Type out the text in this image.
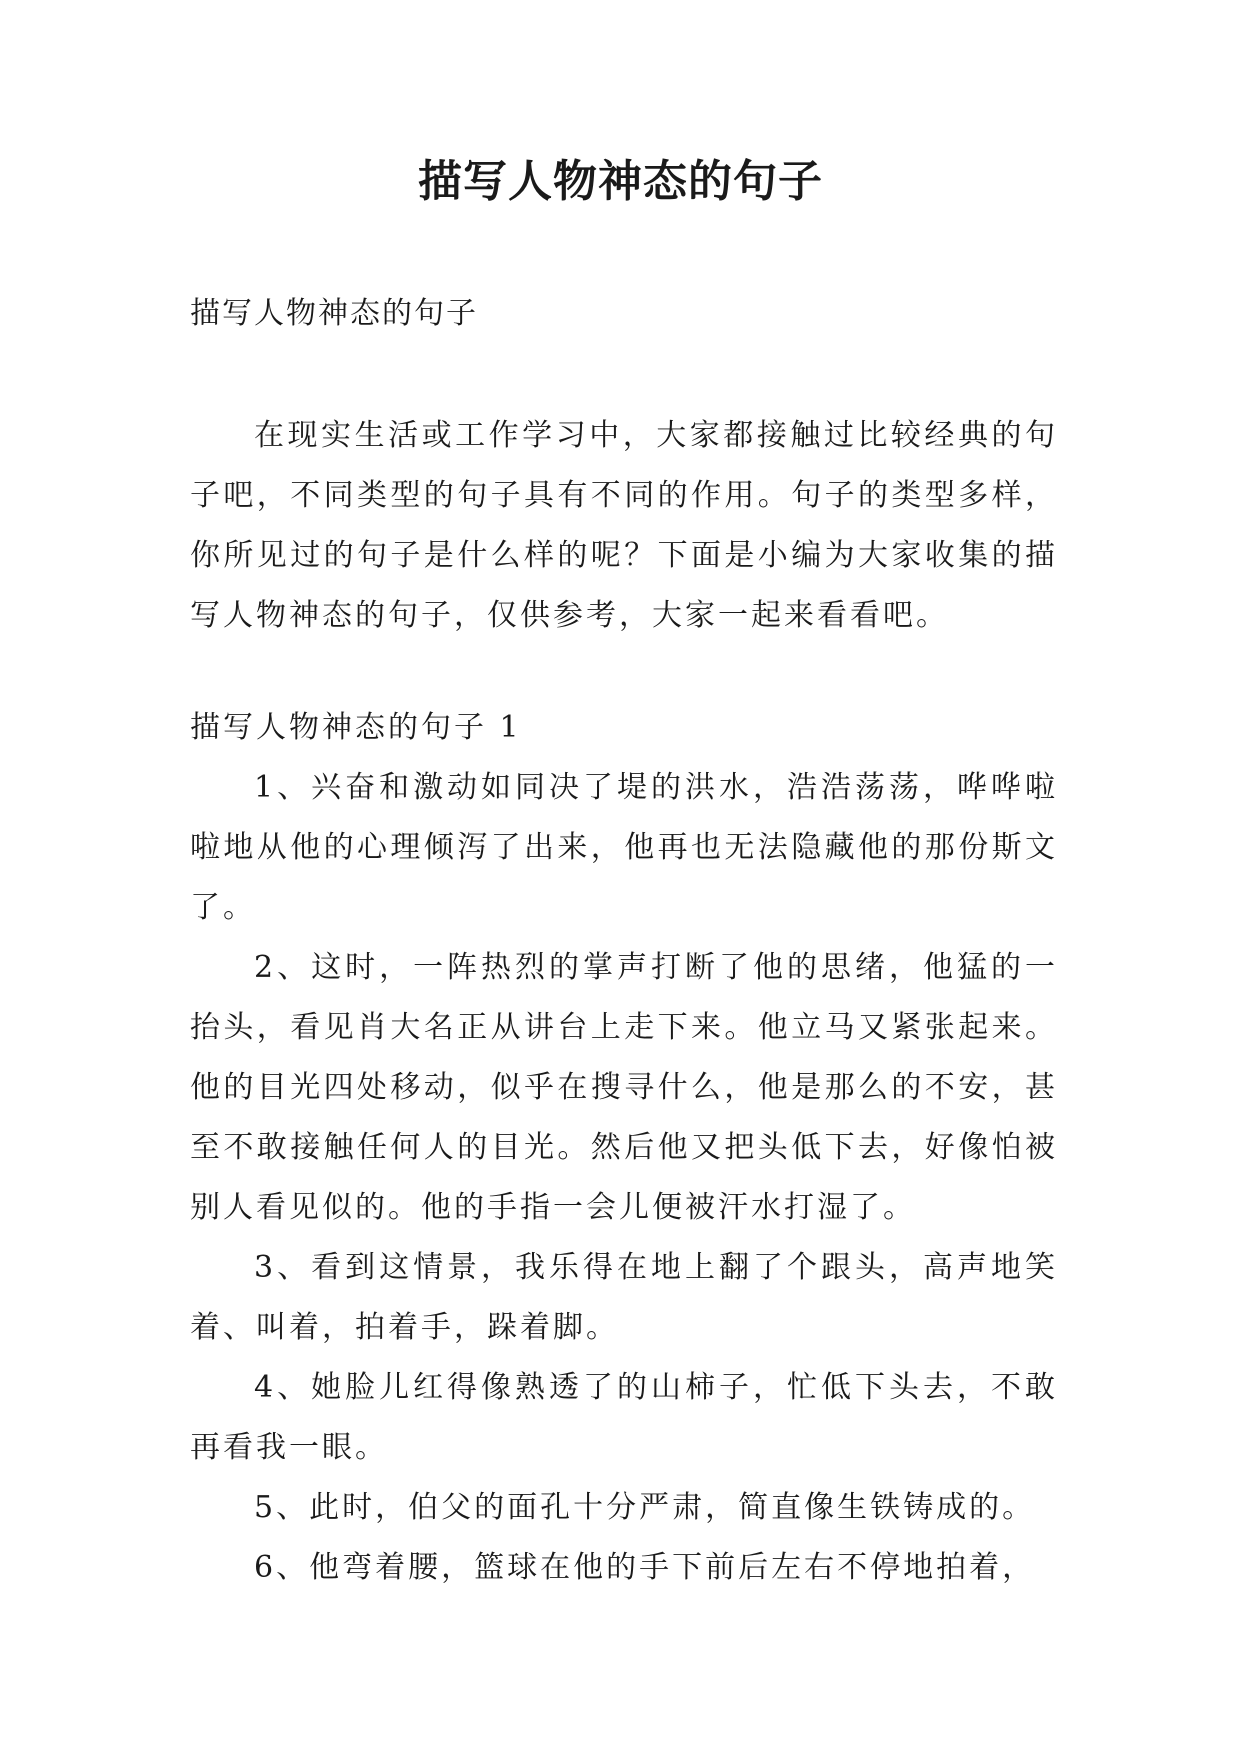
描写人物神态的句子
描写人物神态的句子

在现实生活或工作学习中，大家都接触过比较经典的句子吧，不同类型的句子具有不同的作用。句子的类型多样，你所见过的句子是什么样的呢？下面是小编为大家收集的描写人物神态的句子，仅供参考，大家一起来看看吧。

描写人物神态的句子 1

1、兴奋和激动如同决了堤的洪水，浩浩荡荡，哗哗啦啦地从他的心理倾泻了出来，他再也无法隐藏他的那份斯文了。

2、这时，一阵热烈的掌声打断了他的思绪，他猛的一抬头，看见肖大名正从讲台上走下来。他立马又紧张起来。他的目光四处移动，似乎在搜寻什么，他是那么的不安，甚至不敢接触任何人的目光。然后他又把头低下去，好像怕被别人看见似的。他的手指一会儿便被汗水打湿了。

3、看到这情景，我乐得在地上翻了个跟头，高声地笑着、叫着，拍着手，跺着脚。

4、她脸儿红得像熟透了的山柿子，忙低下头去，不敢再看我一眼。

5、此时，伯父的面孔十分严肃，简直像生铁铸成的。

6、他弯着腰，篮球在他的手下前后左右不停地拍着，
